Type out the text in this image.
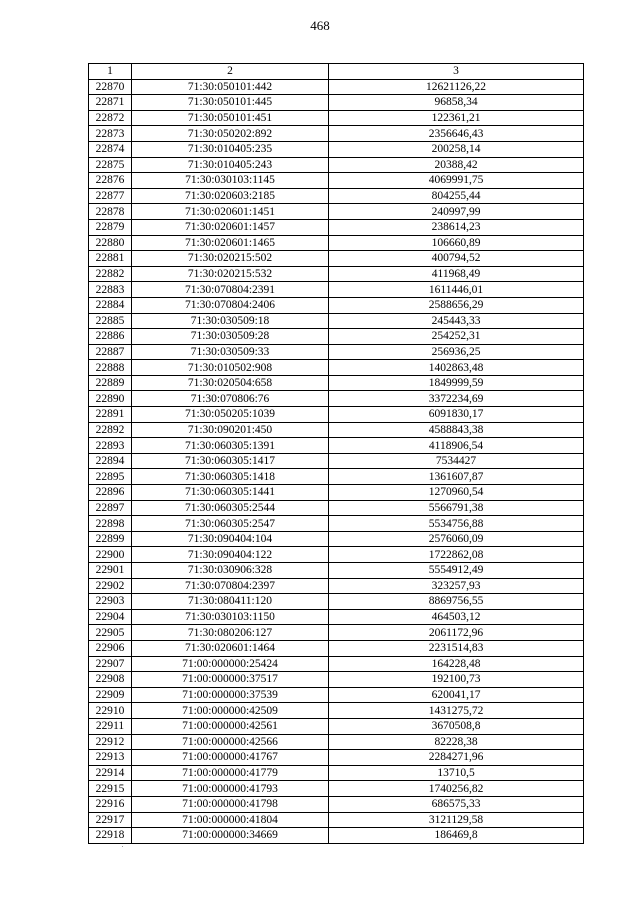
468
1	2	3
22870	71:30:050101:442	12621126,22
22871	71:30:050101:445	96858,34
22872	71:30:050101:451	122361,21
22873	71:30:050202:892	2356646,43
22874	71:30:010405:235	200258,14
22875	71:30:010405:243	20388,42
22876	71:30:030103:1145	4069991,75
22877	71:30:020603:2185	804255,44
22878	71:30:020601:1451	240997,99
22879	71:30:020601:1457	238614,23
22880	71:30:020601:1465	106660,89
22881	71:30:020215:502	400794,52
22882	71:30:020215:532	411968,49
22883	71:30:070804:2391	1611446,01
22884	71:30:070804:2406	2588656,29
22885	71:30:030509:18	245443,33
22886	71:30:030509:28	254252,31
22887	71:30:030509:33	256936,25
22888	71:30:010502:908	1402863,48
22889	71:30:020504:658	1849999,59
22890	71:30:070806:76	3372234,69
22891	71:30:050205:1039	6091830,17
22892	71:30:090201:450	4588843,38
22893	71:30:060305:1391	4118906,54
22894	71:30:060305:1417	7534427
22895	71:30:060305:1418	1361607,87
22896	71:30:060305:1441	1270960,54
22897	71:30:060305:2544	5566791,38
22898	71:30:060305:2547	5534756,88
22899	71:30:090404:104	2576060,09
22900	71:30:090404:122	1722862,08
22901	71:30:030906:328	5554912,49
22902	71:30:070804:2397	323257,93
22903	71:30:080411:120	8869756,55
22904	71:30:030103:1150	464503,12
22905	71:30:080206:127	2061172,96
22906	71:30:020601:1464	2231514,83
22907	71:00:000000:25424	164228,48
22908	71:00:000000:37517	192100,73
22909	71:00:000000:37539	620041,17
22910	71:00:000000:42509	1431275,72
22911	71:00:000000:42561	3670508,8
22912	71:00:000000:42566	82228,38
22913	71:00:000000:41767	2284271,96
22914	71:00:000000:41779	13710,5
22915	71:00:000000:41793	1740256,82
22916	71:00:000000:41798	686575,33
22917	71:00:000000:41804	3121129,58
22918	71:00:000000:34669	186469,8
